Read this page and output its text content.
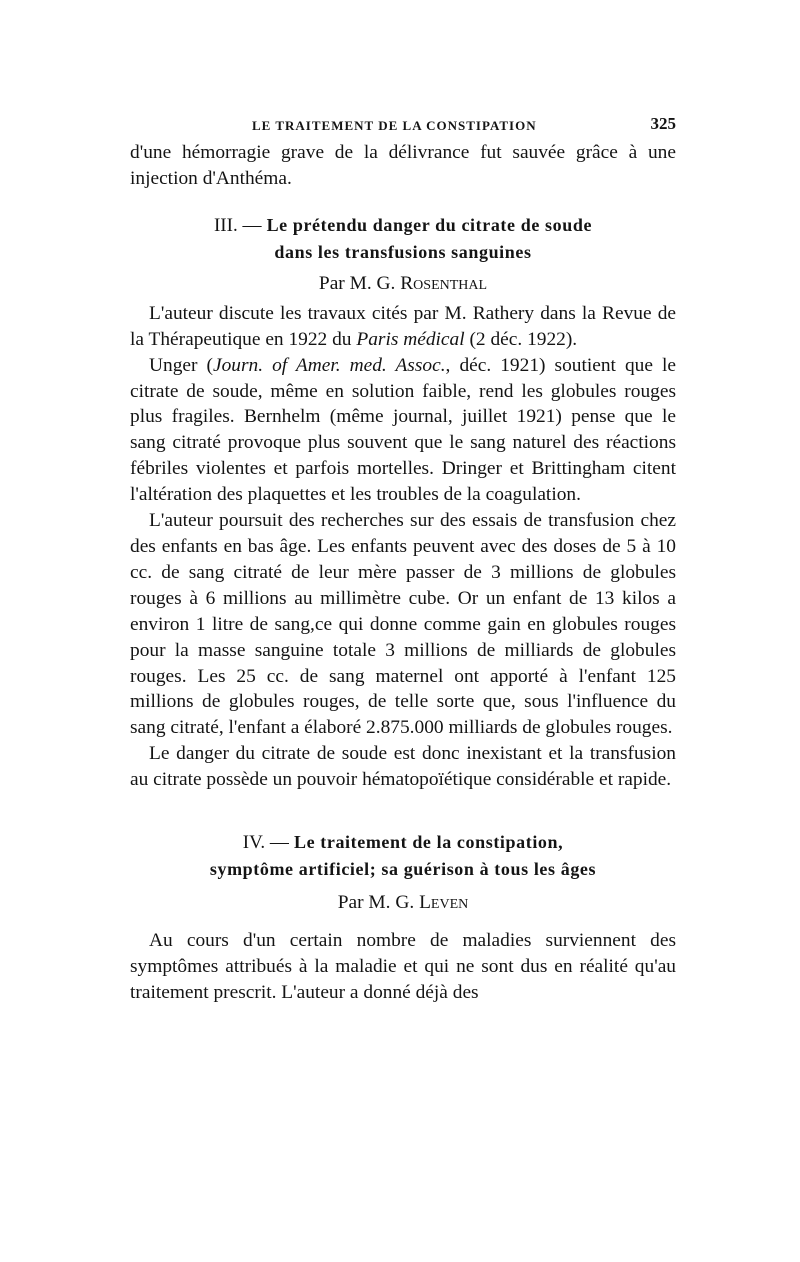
LE TRAITEMENT DE LA CONSTIPATION	325

d'une hémorragie grave de la délivrance fut sauvée grâce à une injection d'Anthéma.

III. — Le prétendu danger du citrate de soude
dans les transfusions sanguines
Par M. G. Rosenthal

L'auteur discute les travaux cités par M. Rathery dans la Revue de la Thérapeutique en 1922 du Paris médical (2 déc. 1922).

Unger (Journ. of Amer. med. Assoc., déc. 1921) soutient que le citrate de soude, même en solution faible, rend les globules rouges plus fragiles. Bernhelm (même journal, juillet 1921) pense que le sang citraté provoque plus souvent que le sang naturel des réactions fébriles violentes et parfois mortelles. Dringer et Brittingham citent l'altération des plaquettes et les troubles de la coagulation.

L'auteur poursuit des recherches sur des essais de transfusion chez des enfants en bas âge. Les enfants peuvent avec des doses de 5 à 10 cc. de sang citraté de leur mère passer de 3 millions de globules rouges à 6 millions au millimètre cube. Or un enfant de 13 kilos a environ 1 litre de sang,ce qui donne comme gain en globules rouges pour la masse sanguine totale 3 millions de milliards de globules rouges. Les 25 cc. de sang maternel ont apporté à l'enfant 125 millions de globules rouges, de telle sorte que, sous l'influence du sang citraté, l'enfant a élaboré 2.875.000 milliards de globules rouges.

Le danger du citrate de soude est donc inexistant et la transfusion au citrate possède un pouvoir hématopoïétique considérable et rapide.

IV. — Le traitement de la constipation,
symptôme artificiel; sa guérison à tous les âges
Par M. G. Leven

Au cours d'un certain nombre de maladies surviennent des symptômes attribués à la maladie et qui ne sont dus en réalité qu'au traitement prescrit. L'auteur a donné déjà des
